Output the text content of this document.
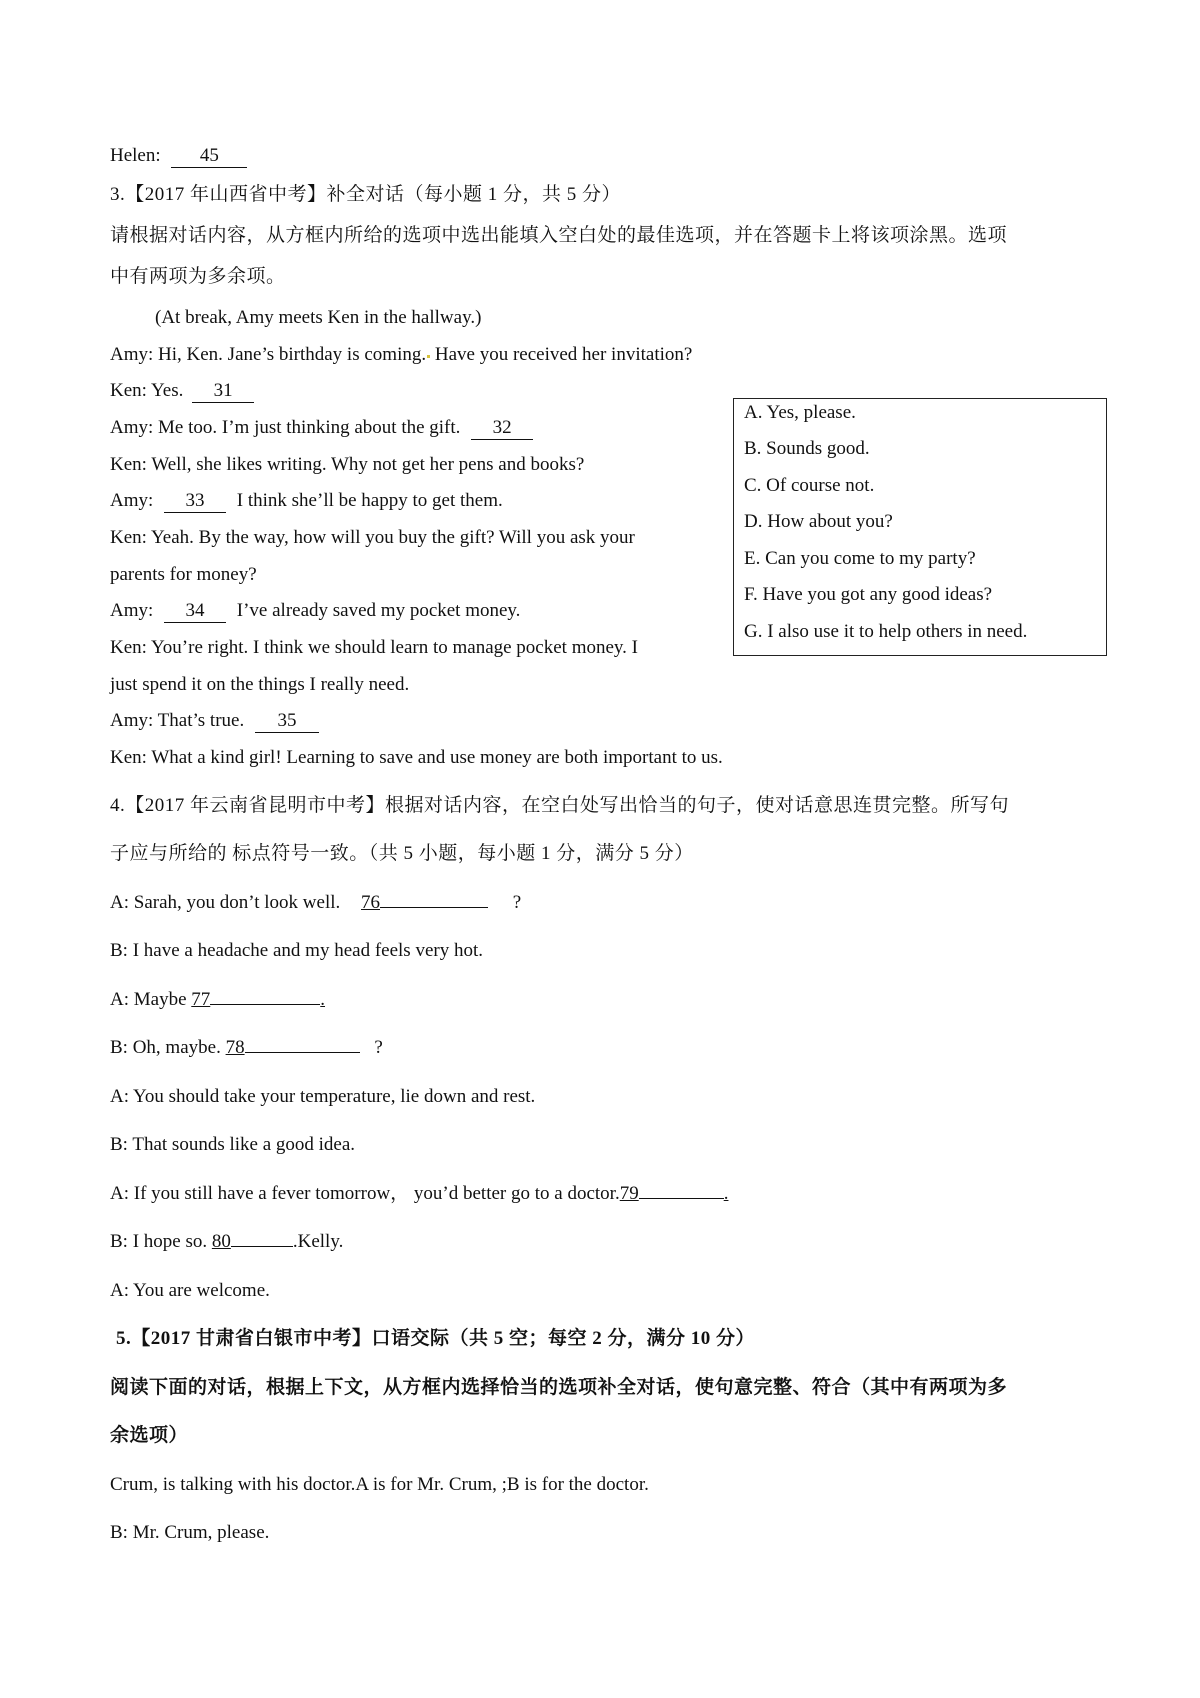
Helen: 45
3.【2017 年山西省中考】补全对话（每小题 1 分，共 5 分）
请根据对话内容，从方框内所给的选项中选出能填入空白处的最佳选项，并在答题卡上将该项涂黑。选项
中有两项为多余项。
(At break, Amy meets Ken in the hallway.)
Amy: Hi, Ken. Jane’s birthday is coming. Have you received her invitation?
Ken: Yes. 31
Amy: Me too. I’m just thinking about the gift. 32
Ken: Well, she likes writing. Why not get her pens and books?
Amy: 33 I think she’ll be happy to get them.
Ken: Yeah. By the way, how will you buy the gift? Will you ask your
parents for money?
Amy: 34 I’ve already saved my pocket money.
Ken: You’re right. I think we should learn to manage pocket money. I
just spend it on the things I really need.
Amy: That’s true. 35
Ken: What a kind girl! Learning to save and use money are both important to us.
A. Yes, please.
B. Sounds good.
C. Of course not.
D. How about you?
E. Can you come to my party?
F. Have you got any good ideas?
G. I also use it to help others in need.
4.【2017 年云南省昆明市中考】根据对话内容，在空白处写出恰当的句子，使对话意思连贯完整。所写句
子应与所给的 标点符号一致。（共 5 小题，每小题 1 分，满分 5 分）
A: Sarah, you don’t look well. 76	?
B: I have a headache and my head feels very hot.
A: Maybe 77	.
B: Oh, maybe. 78	?
A: You should take your temperature, lie down and rest.
B: That sounds like a good idea.
A: If you still have a fever tomorrow， you’d better go to a doctor.79	.
B: I hope so. 80	.Kelly.
A: You are welcome.
5.【2017 甘肃省白银市中考】口语交际（共 5 空；每空 2 分，满分 10 分）
阅读下面的对话，根据上下文，从方框内选择恰当的选项补全对话，使句意完整、符合（其中有两项为多
余选项）
Crum, is talking with his doctor.A is for Mr. Crum, ;B is for the doctor.
B: Mr. Crum, please.
